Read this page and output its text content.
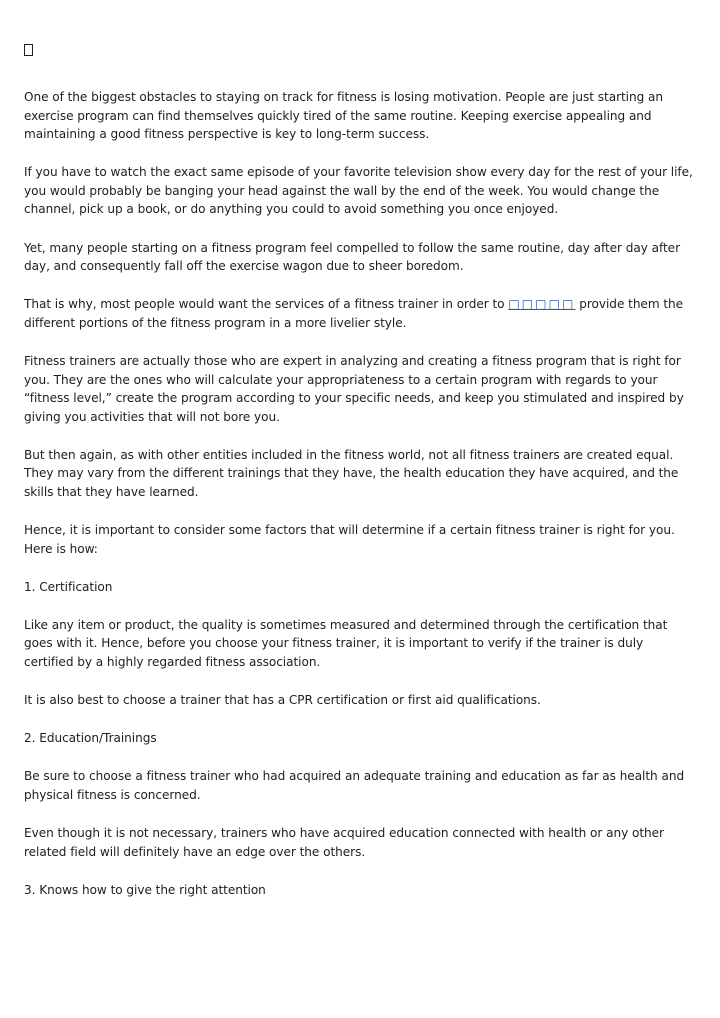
One of the biggest obstacles to staying on track for fitness is losing motivation. People are just starting an exercise program can find themselves quickly tired of the same routine. Keeping exercise appealing and maintaining a good fitness perspective is key to long-term success.

If you have to watch the exact same episode of your favorite television show every day for the rest of your life, you would probably be banging your head against the wall by the end of the week. You would change the channel, pick up a book, or do anything you could to avoid something you once enjoyed.

Yet, many people starting on a fitness program feel compelled to follow the same routine, day after day after day, and consequently fall off the exercise wagon due to sheer boredom.

That is why, most people would want the services of a fitness trainer in order to □□□□□ provide them the different portions of the fitness program in a more livelier style.

Fitness trainers are actually those who are expert in analyzing and creating a fitness program that is right for you. They are the ones who will calculate your appropriateness to a certain program with regards to your “fitness level,” create the program according to your specific needs, and keep you stimulated and inspired by giving you activities that will not bore you.

But then again, as with other entities included in the fitness world, not all fitness trainers are created equal. They may vary from the different trainings that they have, the health education they have acquired, and the skills that they have learned.

Hence, it is important to consider some factors that will determine if a certain fitness trainer is right for you. Here is how:

1. Certification

Like any item or product, the quality is sometimes measured and determined through the certification that goes with it. Hence, before you choose your fitness trainer, it is important to verify if the trainer is duly certified by a highly regarded fitness association.

It is also best to choose a trainer that has a CPR certification or first aid qualifications.

2. Education/Trainings

Be sure to choose a fitness trainer who had acquired an adequate training and education as far as health and physical fitness is concerned.

Even though it is not necessary, trainers who have acquired education connected with health or any other related field will definitely have an edge over the others.

3. Knows how to give the right attention
